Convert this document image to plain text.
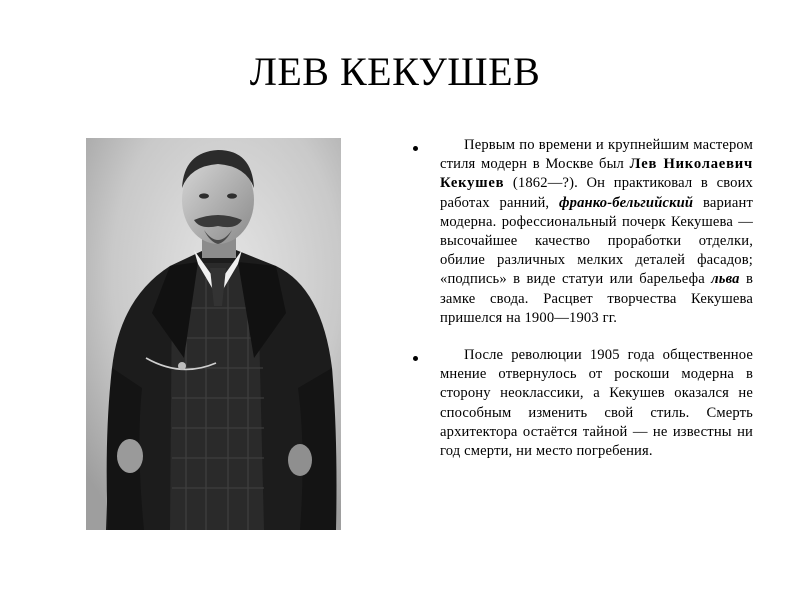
ЛЕВ КЕКУШЕВ
Первым по времени и крупнейшим мастером стиля модерн в Москве был Лев Николаевич Кекушев (1862—?). Он практиковал в своих работах ранний, франко-бельгийский вариант модерна. рофессиональный почерк Кекушева — высочайшее качество проработки отделки, обилие различных мелких деталей фасадов; «подпись» в виде статуи или барельефа льва в замке свода. Расцвет творчества Кекушева пришелся на 1900—1903 гг.
После революции 1905 года общественное мнение отвернулось от роскоши модерна в сторону неоклассики, а Кекушев оказался не способным изменить свой стиль. Смерть архитектора остаётся тайной — не известны ни год смерти, ни место погребения.
